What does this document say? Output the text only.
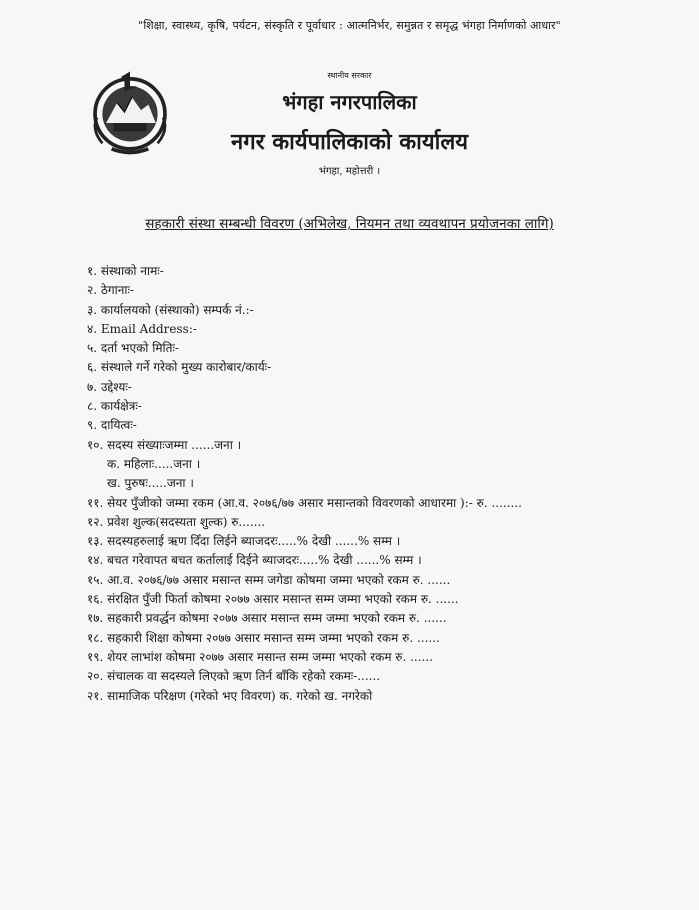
"शिक्षा, स्वास्थ्य, कृषि, पर्यटन, संस्कृति र पूर्वाधार : आत्मनिर्भर, समुन्नत र समृद्ध भंगहा निर्माणको आधार"
स्थानीय सरकार
भंगहा नगरपालिका
नगर कार्यपालिकाको कार्यालय
भंगहा, महोत्तरी ।
सहकारी संस्था सम्बन्धी विवरण (अभिलेख, नियमन तथा व्यवथापन प्रयोजनका लागि)
१. संस्थाको नामः-
२. ठेगानाः-
३. कार्यालयको (संस्थाको) सम्पर्क नं.:-
४. Email Address:-
५. दर्ता भएको मितिः-
६. संस्थाले गर्ने गरेको मुख्य कारोबार/कार्यः-
७. उद्देश्यः-
८. कार्यक्षेत्रः-
९. दायित्वः-
१०. सदस्य संख्याःजम्मा ......जना ।
क. महिलाः.....जना ।
ख. पुरुषः.....जना ।
११. सेयर पुँजीको जम्मा रकम (आ.व. २०७६/७७ असार मसान्तको विवरणको आधारमा ):- रु. ........
१२. प्रवेश शुल्क(सदस्यता शुल्क) रु.......
१३. सदस्यहरुलाई ऋण दिँदा लिईने ब्याजदरः.....% देखी ......% सम्म ।
१४. बचत गरेवापत बचत कर्तालाई दिईने ब्याजदरः.....% देखी ......% सम्म ।
१५. आ.व. २०७६/७७ असार मसान्त सम्म जगेडा कोषमा जम्मा भएको रकम रु. ......
१६. संरक्षित पुँजी फिर्ता कोषमा २०७७ असार मसान्त सम्म जम्मा भएको रकम रु. ......
१७. सहकारी प्रवर्द्धन कोषमा २०७७ असार मसान्त सम्म जम्मा भएको रकम रु. ......
१८. सहकारी शिक्षा कोषमा २०७७ असार मसान्त सम्म जम्मा भएको रकम रु. ......
१९. शेयर लाभांश कोषमा २०७७ असार मसान्त सम्म जम्मा भएको रकम रु. ......
२०. संचालक वा सदस्यले लिएको ऋण तिर्न बाँकि रहेको रकमः-......
२१. सामाजिक परिक्षण (गरेको भए विवरण) क. गरेको ख. नगरेको
